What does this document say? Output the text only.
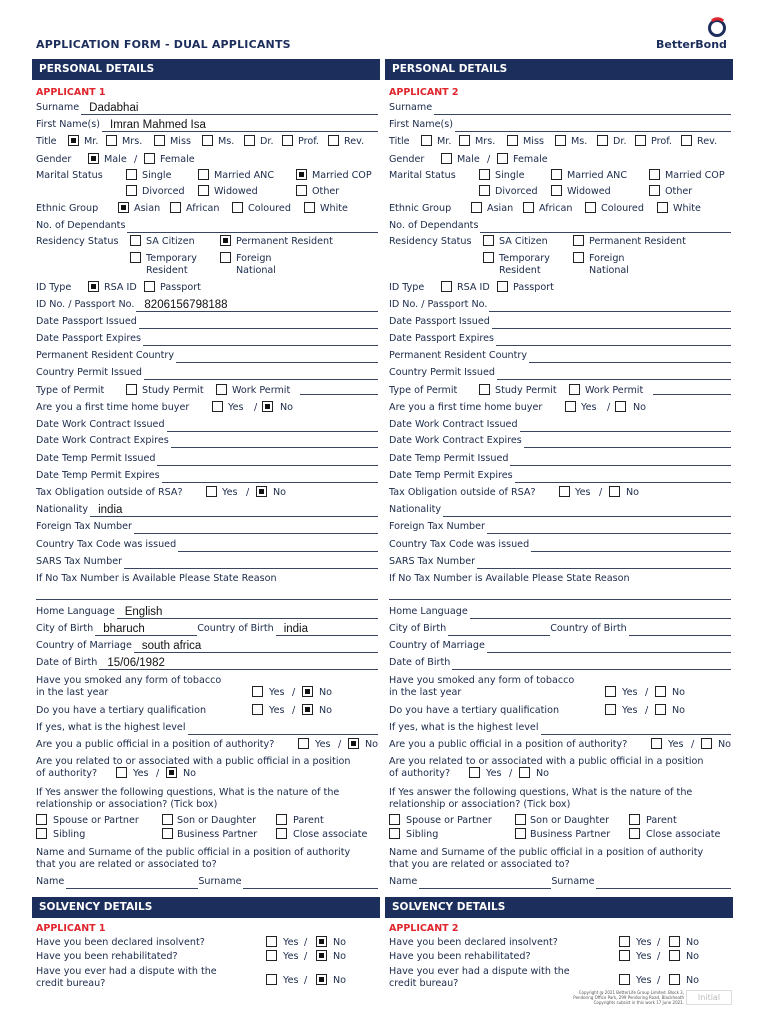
APPLICATION FORM - DUAL APPLICANTS	BetterBond
PERSONAL DETAILS
APPLICANT 1
Surname Dadabhai
First Name(s) Imran Mahmed Isa
Title	Mr. Mrs.	Miss	Ms.	Dr.	Prof.	Rev.
Gender	Male / Female
Marital Status	Single	Married ANC	Married COP
Divorced	Widowed	Other
Ethnic Group	Asian	African	Coloured	White
No. of Dependants
Residency Status	SA Citizen	Permanent Resident
Temporary	Foreign
Resident	National
ID Type	RSA ID Passport
ID No. / Passport No. 8206156798188
Date Passport Issued
Date Passport Expires
Permanent Resident Country
Country Permit Issued
Type of Permit	Study Permit	Work Permit
Are you a first time home buyer	Yes / No
Date Work Contract Issued
Date Work Contract Expires
Date Temp Permit Issued
Date Temp Permit Expires
Tax Obligation outside of RSA?	Yes / No
Nationality india
Foreign Tax Number
Country Tax Code was issued
SARS Tax Number
If No Tax Number is Available Please State Reason
Home Language English
City of Birth bharuch	Country of Birth india
Country of Marriage south africa
Date of Birth 15/06/1982
Have you smoked any form of tobacco
in the last year	Yes / No
Do you have a tertiary qualification	Yes / No
If yes, what is the highest level
Are you a public official in a position of authority?	Yes / No
Are you related to or associated with a public official in a position
of authority?	Yes / No
If Yes answer the following questions, What is the nature of the
relationship or association? (Tick box)
Spouse or Partner	Son or Daughter	Parent
Sibling	Business Partner	Close associate
Name and Surname of the public official in a position of authority
that you are related or associated to?
Name	Surname
SOLVENCY DETAILS
APPLICANT 1
Have you been declared insolvent?	Yes /	No
Have you been rehabilitated?	Yes /	No
Have you ever had a dispute with the
Yes /	No
credit bureau?
PERSONAL DETAILS
APPLICANT 2
Surname
First Name(s)
Title	Mr. Mrs.	Miss	Ms.	Dr.	Prof.	Rev.
Gender	Male / Female
Marital Status	Single	Married ANC	Married COP
Divorced	Widowed	Other
Ethnic Group	Asian	African	Coloured	White
No. of Dependants
Residency Status	SA Citizen	Permanent Resident
Temporary	Foreign
Resident	National
ID Type	RSA ID Passport
ID No. / Passport No.
Date Passport Issued
Date Passport Expires
Permanent Resident Country
Country Permit Issued
Type of Permit	Study Permit	Work Permit
Are you a first time home buyer	Yes / No
Date Work Contract Issued
Date Work Contract Expires
Date Temp Permit Issued
Date Temp Permit Expires
Tax Obligation outside of RSA?	Yes / No
Nationality
Foreign Tax Number
Country Tax Code was issued
SARS Tax Number
If No Tax Number is Available Please State Reason
Home Language
City of Birth	Country of Birth
Country of Marriage
Date of Birth
Have you smoked any form of tobacco
in the last year	Yes / No
Do you have a tertiary qualification	Yes / No
If yes, what is the highest level
Are you a public official in a position of authority?	Yes / No
Are you related to or associated with a public official in a position
of authority?	Yes / No
If Yes answer the following questions, What is the nature of the
relationship or association? (Tick box)
Spouse or Partner	Son or Daughter	Parent
Sibling	Business Partner	Close associate
Name and Surname of the public official in a position of authority
that you are related or associated to?
Name	Surname
SOLVENCY DETAILS
APPLICANT 2
Have you been declared insolvent?	Yes /	No
Have you been rehabilitated?	Yes /	No
Have you ever had a dispute with the
Yes /	No
credit bureau?
Copyright @ 2021 BetterLife Group Limited. Block 3, Pendoring Office Park, 299 Pendoring Road, Blackheath Copyrights subsist in this work 17 June 2021.
Initial
